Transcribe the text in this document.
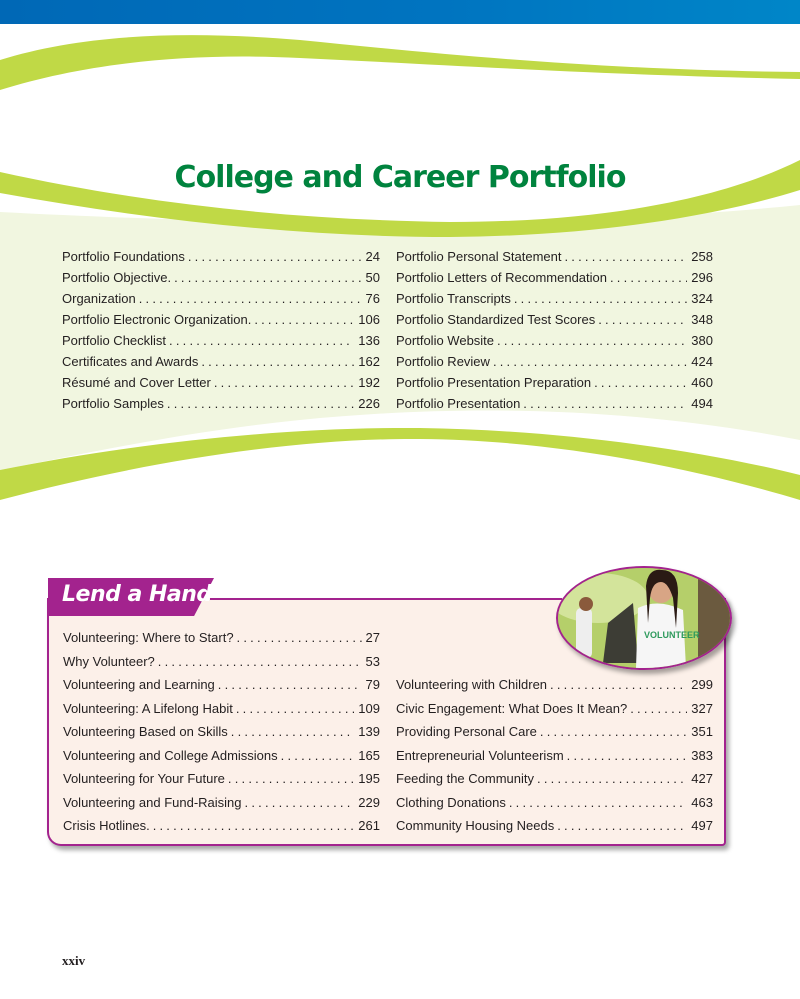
College and Career Portfolio
Portfolio Foundations .....	24
Portfolio Objective. .....	50
Organization .....	76
Portfolio Electronic Organization. .....	106
Portfolio Checklist .....	136
Certificates and Awards .....	162
Résumé and Cover Letter .....	192
Portfolio Samples .....	226
Portfolio Personal Statement .....	258
Portfolio Letters of Recommendation .....	296
Portfolio Transcripts .....	324
Portfolio Standardized Test Scores .....	348
Portfolio Website .....	380
Portfolio Review .....	424
Portfolio Presentation Preparation .....	460
Portfolio Presentation .....	494
Lend a Hand
VOLUNTEER
Volunteering: Where to Start? .....	27
Why Volunteer? .....	53
Volunteering and Learning .....	79
Volunteering: A Lifelong Habit .....	109
Volunteering Based on Skills .....	139
Volunteering and College Admissions .....	165
Volunteering for Your Future .....	195
Volunteering and Fund-Raising .....	229
Crisis Hotlines. .....	261
Volunteering with Children .....	299
Civic Engagement: What Does It Mean? .....	327
Providing Personal Care .....	351
Entrepreneurial Volunteerism .....	383
Feeding the Community .....	427
Clothing Donations .....	463
Community Housing Needs .....	497
xxiv
